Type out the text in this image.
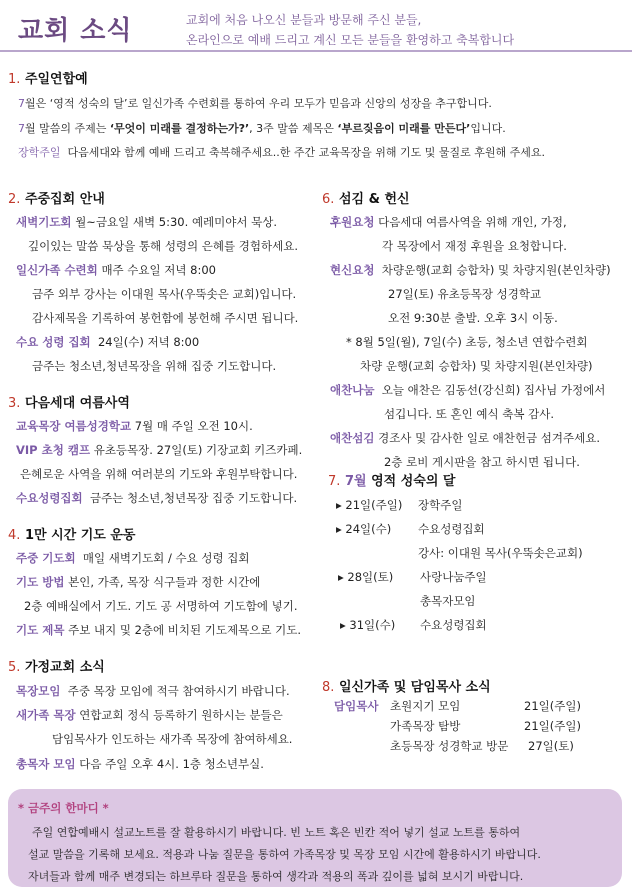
교회 소식	교회에 처음 나오신 분들과 방문해 주신 분들,
온라인으로 예배 드리고 계신 모든 분들을 환영하고 축복합니다
1. 주일연합예
7월은 ‘영적 성숙의 달’로 일신가족 수련회를 통하여 우리 모두가 믿음과 신앙의 성장을 추구합니다.
7월 말씀의 주제는 ‘무엇이 미래를 결정하는가?’, 3주 말씀 제목은 ‘부르짖음이 미래를 만든다’입니다.
장학주일 다음세대와 함께 예배 드리고 축복해주세요..한 주간 교육목장을 위해 기도 및 물질로 후원해 주세요.
2. 주중집회 안내
새벽기도회 월~금요일 새벽 5:30. 예레미야서 묵상.
깊이있는 말씀 묵상을 통해 성령의 은혜를 경험하세요.
일신가족 수련회 매주 수요일 저녁 8:00
금주 외부 강사는 이대원 목사(우뚝솟은 교회)입니다.
감사제목을 기록하여 봉헌함에 봉헌해 주시면 됩니다.
수요 성령 집회 24일(수) 저녁 8:00
금주는 청소년,청년목장을 위해 집중 기도합니다.
3. 다음세대 여름사역
교육목장 여름성경학교 7월 매 주일 오전 10시.
VIP 초청 캠프 유초등목장. 27일(토) 기장교회 키즈카페.
은혜로운 사역을 위해 여러분의 기도와 후원부탁합니다.
수요성령집회 금주는 청소년,청년목장 집중 기도합니다.
4. 1만 시간 기도 운동
주중 기도회 매일 새벽기도회 / 수요 성령 집회
기도 방법 본인, 가족, 목장 식구들과 정한 시간에
2층 예배실에서 기도. 기도 공 서명하여 기도함에 넣기.
기도 제목 주보 내지 및 2층에 비치된 기도제목으로 기도.
5. 가정교회 소식
목장모임 주중 목장 모임에 적극 참여하시기 바랍니다.
새가족 목장 연합교회 정식 등록하기 원하시는 분들은
담임목사가 인도하는 새가족 목장에 참여하세요.
총목자 모임 다음 주일 오후 4시. 1층 청소년부실.
6. 섬김 & 헌신
후원요청 다음세대 여름사역을 위해 개인, 가정,
각 목장에서 재정 후원을 요청합니다.
현신요청 차량운행(교회 승합차) 및 차량지원(본인차량)
27일(토) 유초등목장 성경학교
오전 9:30분 출발. 오후 3시 이동.
* 8월 5일(월), 7일(수) 초등, 청소년 연합수련회
차량 운행(교회 승합차) 및 차량지원(본인차량)
애찬나눔 오늘 애찬은 김동선(강신희) 집사님 가정에서
섬깁니다. 또 혼인 예식 축복 감사.
애찬섬김 경조사 및 감사한 일로 애찬헌금 섬겨주세요.
2층 로비 게시판을 참고 하시면 됩니다.
7. 7월 영적 성숙의 달
▸ 21일(주일) 장학주일
▸ 24일(수) 수요성령집회
강사: 이대원 목사(우뚝솟은교회)
▸ 28일(토) 사랑나눔주일
총목자모임
▸ 31일(수) 수요성령집회
8. 일신가족 및 담임목사 소식
담임목사 초원지기 모임	21일(주일)
가족목장 탐방	21일(주일)
초등목장 성경학교 방문 27일(토)
* 금주의 한마디 *
주일 연합예배시 설교노트를 잘 활용하시기 바랍니다. 빈 노트 혹은 빈칸 적어 넣기 설교 노트를 통하여
설교 말씀을 기록해 보세요. 적용과 나눔 질문을 통하여 가족목장 및 목장 모임 시간에 활용하시기 바랍니다.
자녀들과 함께 매주 변경되는 하브루타 질문을 통하여 생각과 적용의 폭과 깊이를 넓혀 보시기 바랍니다.
